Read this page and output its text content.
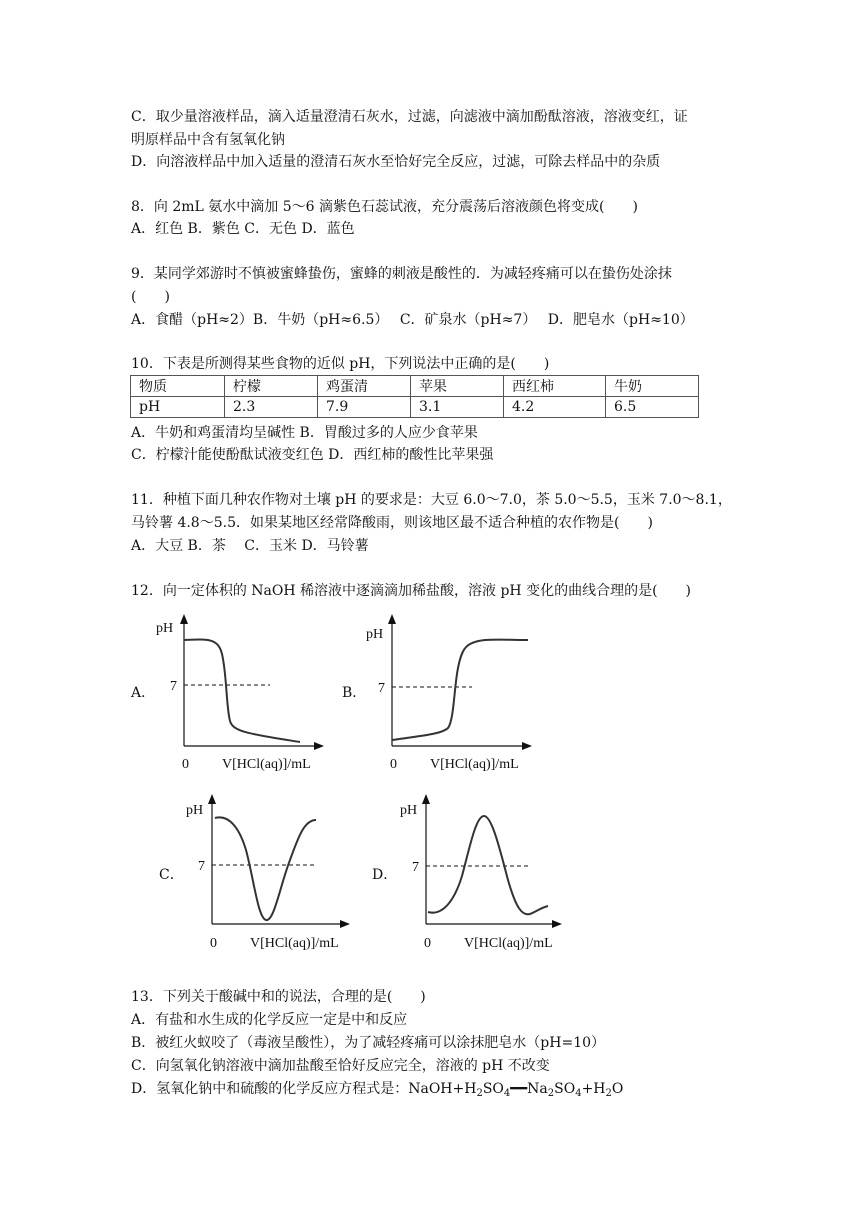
C．取少量溶液样品，滴入适量澄清石灰水，过滤，向滤液中滴加酚酞溶液，溶液变红，证
明原样品中含有氢氧化钠
D．向溶液样品中加入适量的澄清石灰水至恰好完全反应，过滤，可除去样品中的杂质
8．向 2mL 氨水中滴加 5～6 滴紫色石蕊试液，充分震荡后溶液颜色将变成(　　)
A．红色 B．紫色 C．无色 D．蓝色
9．某同学郊游时不慎被蜜蜂蛰伤，蜜蜂的刺液是酸性的．为减轻疼痛可以在蛰伤处涂抹
(　　)
A．食醋（pH≈2）B．牛奶（pH≈6.5）　 C．矿泉水（pH≈7）　 D．肥皂水（pH≈10）
10．下表是所测得某些食物的近似 pH，下列说法中正确的是(　　)
物质	柠檬	鸡蛋清	苹果	西红柿	牛奶
pH	2.3	7.9	3.1	4.2	6.5
A．牛奶和鸡蛋清均呈碱性 B．胃酸过多的人应少食苹果
C．柠檬汁能使酚酞试液变红色 D．西红柿的酸性比苹果强
11．种植下面几种农作物对土壤 pH 的要求是：大豆 6.0～7.0，茶 5.0～5.5，玉米 7.0～8.1，
马铃薯 4.8～5.5．如果某地区经常降酸雨，则该地区最不适合种植的农作物是(　　)
A．大豆 B．茶　 C．玉米 D．马铃薯
12．向一定体积的 NaOH 稀溶液中逐滴滴加稀盐酸，溶液 pH 变化的曲线合理的是(　　)
A．	B．
C．	D．
pH
7
0 V[HCl(aq)]/mL
pH
7
0 V[HCl(aq)]/mL
pH
7
0 V[HCl(aq)]/mL
pH
7
0 V[HCl(aq)]/mL
13．下列关于酸碱中和的说法，合理的是(　　)
A．有盐和水生成的化学反应一定是中和反应
B．被红火蚁咬了（毒液呈酸性），为了减轻疼痛可以涂抹肥皂水（pH=10）
C．向氢氧化钠溶液中滴加盐酸至恰好反应完全，溶液的 pH 不改变
D．氢氧化钠中和硫酸的化学反应方程式是：$NaOH+H_2SO_4━━Na_2SO_4+H_2O$
